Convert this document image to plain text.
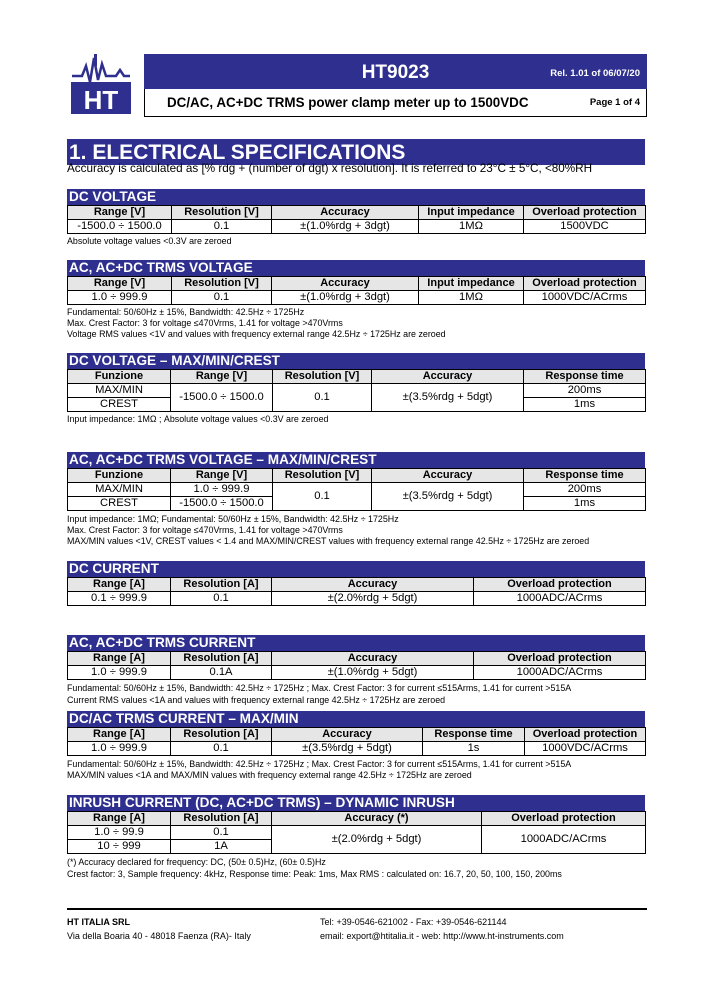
HT
HT9023	Rel. 1.01 of 06/07/20
DC/AC, AC+DC TRMS power clamp meter up to 1500VDC	Page 1 of 4
1. ELECTRICAL SPECIFICATIONS
Accuracy is calculated as [% rdg + (number of dgt) x resolution]. It is referred to 23°C ± 5°C, <80%RH
DC VOLTAGE
Range [V]	Resolution [V]	Accuracy	Input impedance	Overload protection
-1500.0 ÷ 1500.0	0.1	±(1.0%rdg + 3dgt)	1MΩ	1500VDC
Absolute voltage values <0.3V are zeroed
AC, AC+DC TRMS VOLTAGE
Range [V]	Resolution [V]	Accuracy	Input impedance	Overload protection
1.0 ÷ 999.9	0.1	±(1.0%rdg + 3dgt)	1MΩ	1000VDC/ACrms
Fundamental: 50/60Hz ± 15%, Bandwidth: 42.5Hz ÷ 1725Hz
Max. Crest Factor: 3 for voltage ≤470Vrms, 1.41 for voltage >470Vrms
Voltage RMS values <1V and values with frequency external range 42.5Hz ÷ 1725Hz are zeroed
DC VOLTAGE – MAX/MIN/CREST
Funzione	Range [V]	Resolution [V]	Accuracy	Response time
MAX/MIN	-1500.0 ÷ 1500.0	0.1	±(3.5%rdg + 5dgt)	200ms
CREST				1ms
Input impedance: 1MΩ ; Absolute voltage values <0.3V are zeroed
AC, AC+DC TRMS VOLTAGE – MAX/MIN/CREST
Funzione	Range [V]	Resolution [V]	Accuracy	Response time
MAX/MIN	1.0 ÷ 999.9	0.1	±(3.5%rdg + 5dgt)	200ms
CREST	-1500.0 ÷ 1500.0			1ms
Input impedance: 1MΩ; Fundamental: 50/60Hz ± 15%, Bandwidth: 42.5Hz ÷ 1725Hz
Max. Crest Factor: 3 for voltage ≤470Vrms, 1.41 for voltage >470Vrms
MAX/MIN values <1V, CREST values < 1.4 and MAX/MIN/CREST values with frequency external range 42.5Hz ÷ 1725Hz are zeroed
DC CURRENT
Range [A]	Resolution [A]	Accuracy	Overload protection
0.1 ÷ 999.9	0.1	±(2.0%rdg + 5dgt)	1000ADC/ACrms
AC, AC+DC TRMS CURRENT
Range [A]	Resolution [A]	Accuracy	Overload protection
1.0 ÷ 999.9	0.1A	±(1.0%rdg + 5dgt)	1000ADC/ACrms
Fundamental: 50/60Hz ± 15%, Bandwidth: 42.5Hz ÷ 1725Hz ; Max. Crest Factor: 3 for current ≤515Arms, 1.41 for current >515A
Current RMS values <1A and values with frequency external range 42.5Hz ÷ 1725Hz are zeroed
DC/AC TRMS CURRENT – MAX/MIN
Range [A]	Resolution [A]	Accuracy	Response time	Overload protection
1.0 ÷ 999.9	0.1	±(3.5%rdg + 5dgt)	1s	1000VDC/ACrms
Fundamental: 50/60Hz ± 15%, Bandwidth: 42.5Hz ÷ 1725Hz ; Max. Crest Factor: 3 for current ≤515Arms, 1.41 for current >515A
MAX/MIN values <1A and MAX/MIN values with frequency external range 42.5Hz ÷ 1725Hz are zeroed
INRUSH CURRENT (DC, AC+DC TRMS) – DYNAMIC INRUSH
Range [A]	Resolution [A]	Accuracy (*)	Overload protection
1.0 ÷ 99.9	0.1	±(2.0%rdg + 5dgt)	1000ADC/ACrms
10 ÷ 999	1A		
(*) Accuracy declared for frequency: DC, (50± 0.5)Hz, (60± 0.5)Hz
Crest factor: 3, Sample frequency: 4kHz, Response time: Peak: 1ms, Max RMS : calculated on: 16.7, 20, 50, 100, 150, 200ms
HT ITALIA SRL
Via della Boaria 40 - 48018 Faenza (RA)- Italy
Tel: +39-0546-621002 - Fax: +39-0546-621144
email: export@htitalia.it - web: http://www.ht-instruments.com
